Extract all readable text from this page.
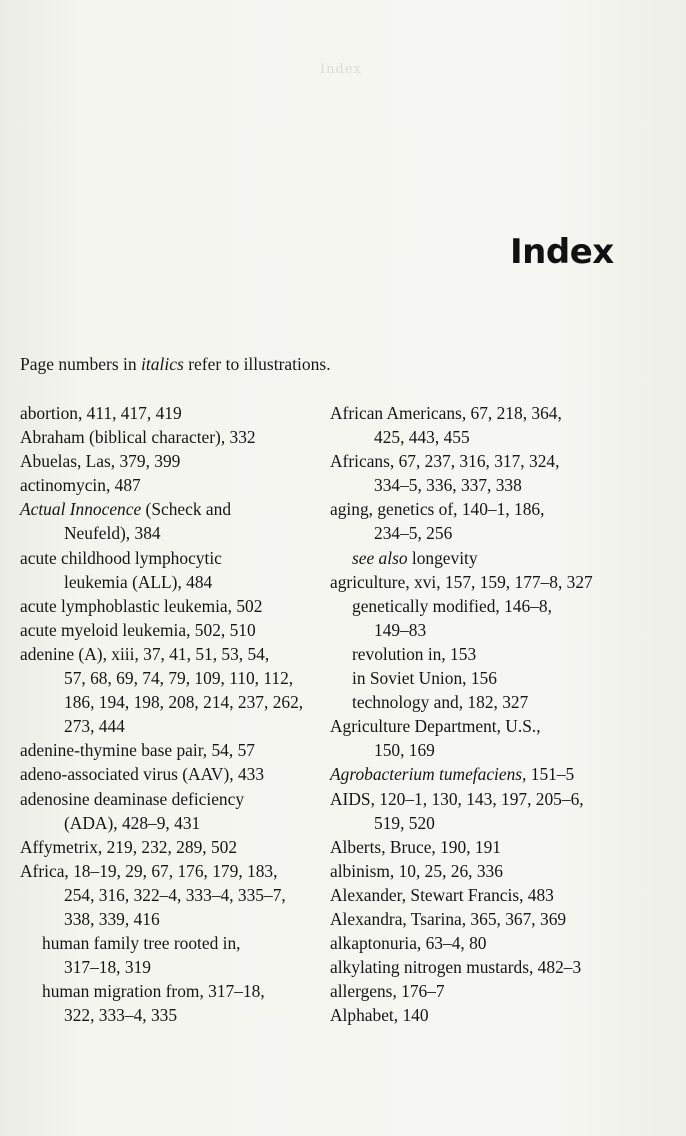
Index
Index
Page numbers in italics refer to illustrations.
abortion, 411, 417, 419
Abraham (biblical character), 332
Abuelas, Las, 379, 399
actinomycin, 487
Actual Innocence (Scheck and
Neufeld), 384
acute childhood lymphocytic
leukemia (ALL), 484
acute lymphoblastic leukemia, 502
acute myeloid leukemia, 502, 510
adenine (A), xiii, 37, 41, 51, 53, 54,
57, 68, 69, 74, 79, 109, 110, 112,
186, 194, 198, 208, 214, 237, 262,
273, 444
adenine-thymine base pair, 54, 57
adeno-associated virus (AAV), 433
adenosine deaminase deficiency
(ADA), 428–9, 431
Affymetrix, 219, 232, 289, 502
Africa, 18–19, 29, 67, 176, 179, 183,
254, 316, 322–4, 333–4, 335–7,
338, 339, 416
human family tree rooted in,
317–18, 319
human migration from, 317–18,
322, 333–4, 335
African Americans, 67, 218, 364,
425, 443, 455
Africans, 67, 237, 316, 317, 324,
334–5, 336, 337, 338
aging, genetics of, 140–1, 186,
234–5, 256
see also longevity
agriculture, xvi, 157, 159, 177–8, 327
genetically modified, 146–8,
149–83
revolution in, 153
in Soviet Union, 156
technology and, 182, 327
Agriculture Department, U.S.,
150, 169
Agrobacterium tumefaciens, 151–5
AIDS, 120–1, 130, 143, 197, 205–6,
519, 520
Alberts, Bruce, 190, 191
albinism, 10, 25, 26, 336
Alexander, Stewart Francis, 483
Alexandra, Tsarina, 365, 367, 369
alkaptonuria, 63–4, 80
alkylating nitrogen mustards, 482–3
allergens, 176–7
Alphabet, 140
